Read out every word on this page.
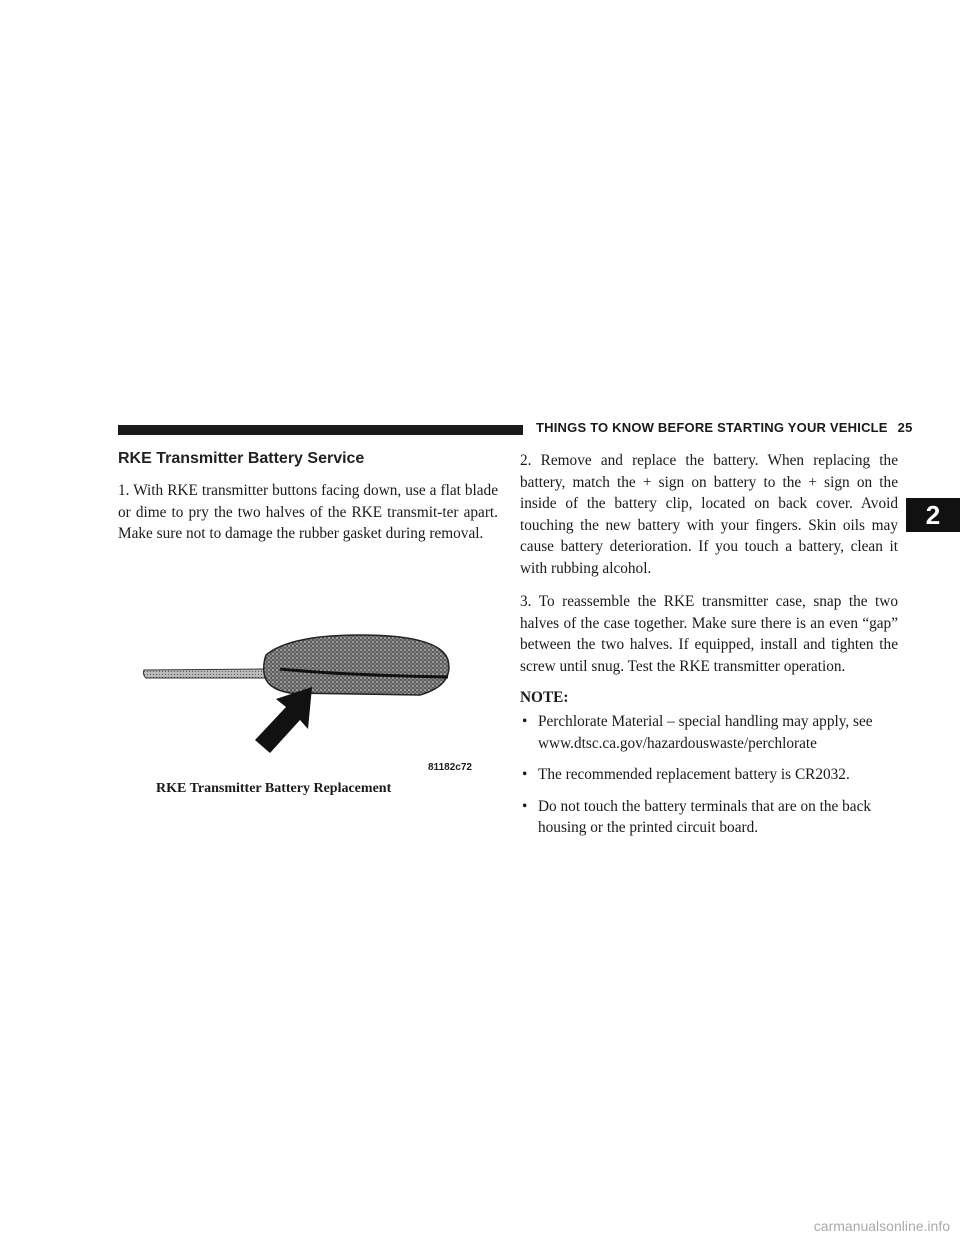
THINGS TO KNOW BEFORE STARTING YOUR VEHICLE 25
2
RKE Transmitter Battery Service

1. With RKE transmitter buttons facing down, use a flat blade or dime to pry the two halves of the RKE transmit-ter apart. Make sure not to damage the rubber gasket during removal.

81182c72
RKE Transmitter Battery Replacement

2. Remove and replace the battery. When replacing the battery, match the + sign on battery to the + sign on the inside of the battery clip, located on back cover. Avoid touching the new battery with your fingers. Skin oils may cause battery deterioration. If you touch a battery, clean it with rubbing alcohol.

3. To reassemble the RKE transmitter case, snap the two halves of the case together. Make sure there is an even “gap” between the two halves. If equipped, install and tighten the screw until snug. Test the RKE transmitter operation.

NOTE:
• Perchlorate Material – special handling may apply, see www.dtsc.ca.gov/hazardouswaste/perchlorate
• The recommended replacement battery is CR2032.
• Do not touch the battery terminals that are on the back housing or the printed circuit board.
carmanualsonline.info
